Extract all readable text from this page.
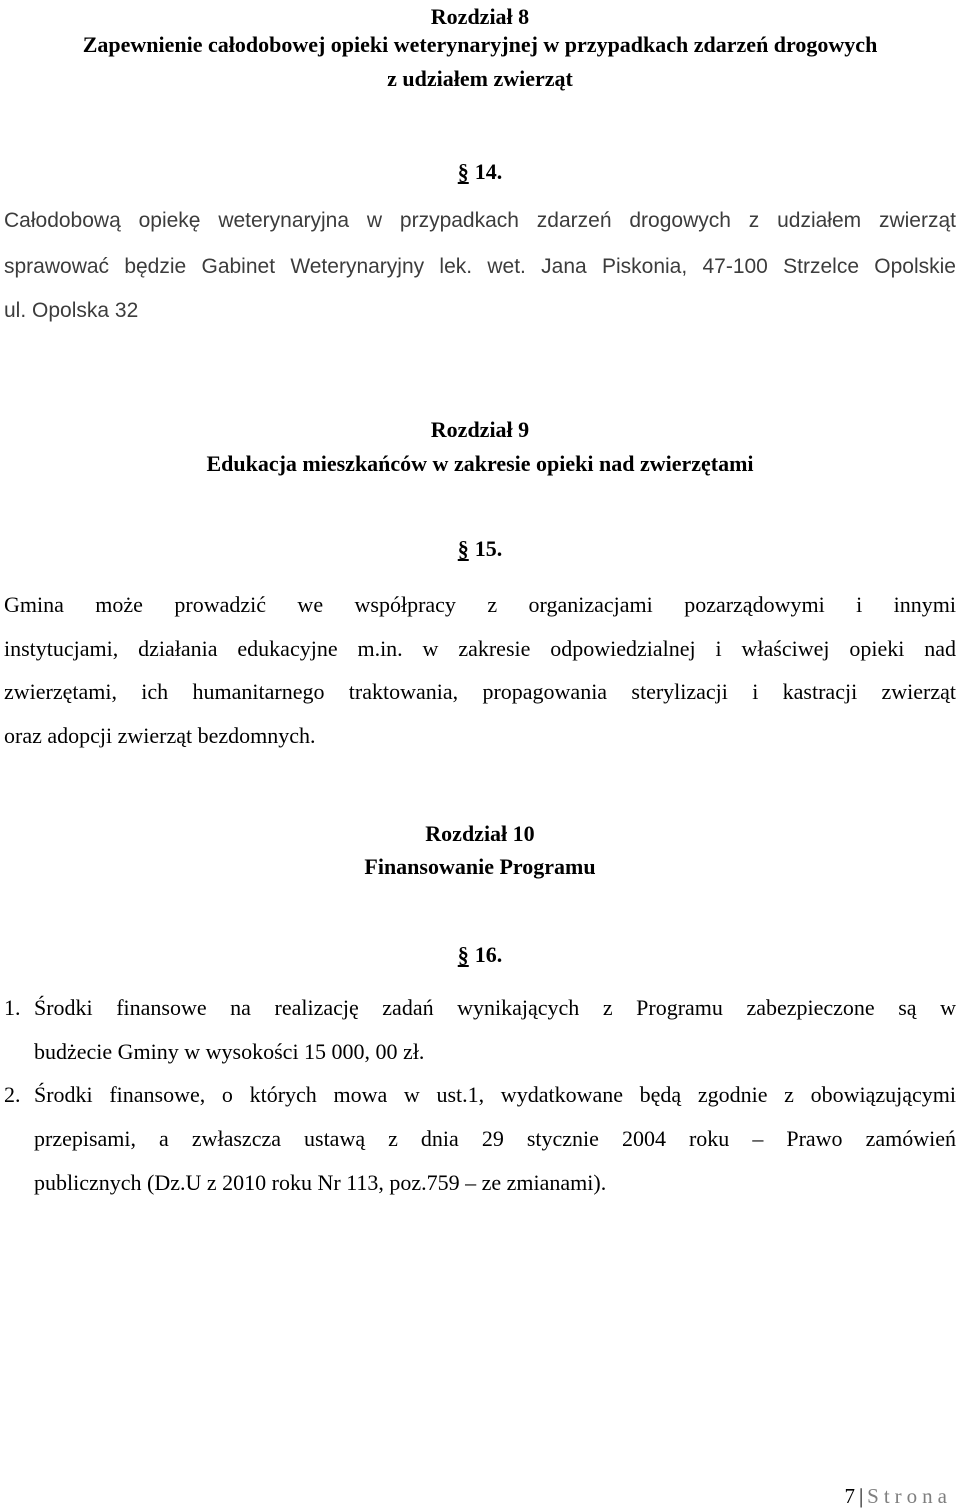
Rozdział 8
Zapewnienie całodobowej opieki weterynaryjnej w przypadkach zdarzeń drogowych
z udziałem zwierząt
§ 14.
Całodobową opiekę weterynaryjna w przypadkach zdarzeń drogowych z udziałem zwierząt
sprawować będzie Gabinet Weterynaryjny lek. wet. Jana Piskonia, 47-100 Strzelce Opolskie
ul. Opolska 32
Rozdział 9
Edukacja mieszkańców w zakresie opieki nad zwierzętami
§ 15.
Gmina może prowadzić we współpracy z organizacjami pozarządowymi i innymi
instytucjami, działania edukacyjne m.in. w zakresie odpowiedzialnej i właściwej opieki nad
zwierzętami, ich humanitarnego traktowania, propagowania sterylizacji i kastracji zwierząt
oraz adopcji zwierząt bezdomnych.
Rozdział 10
Finansowanie Programu
§ 16.
1. Środki finansowe na realizację zadań wynikających z Programu zabezpieczone są w
budżecie Gminy w wysokości 15 000, 00 zł.
2. Środki finansowe, o których mowa w ust.1, wydatkowane będą zgodnie z obowiązującymi
przepisami, a zwłaszcza ustawą z dnia 29 stycznie 2004 roku – Prawo zamówień
publicznych (Dz.U z 2010 roku Nr 113, poz.759 – ze zmianami).
7 | Strona
